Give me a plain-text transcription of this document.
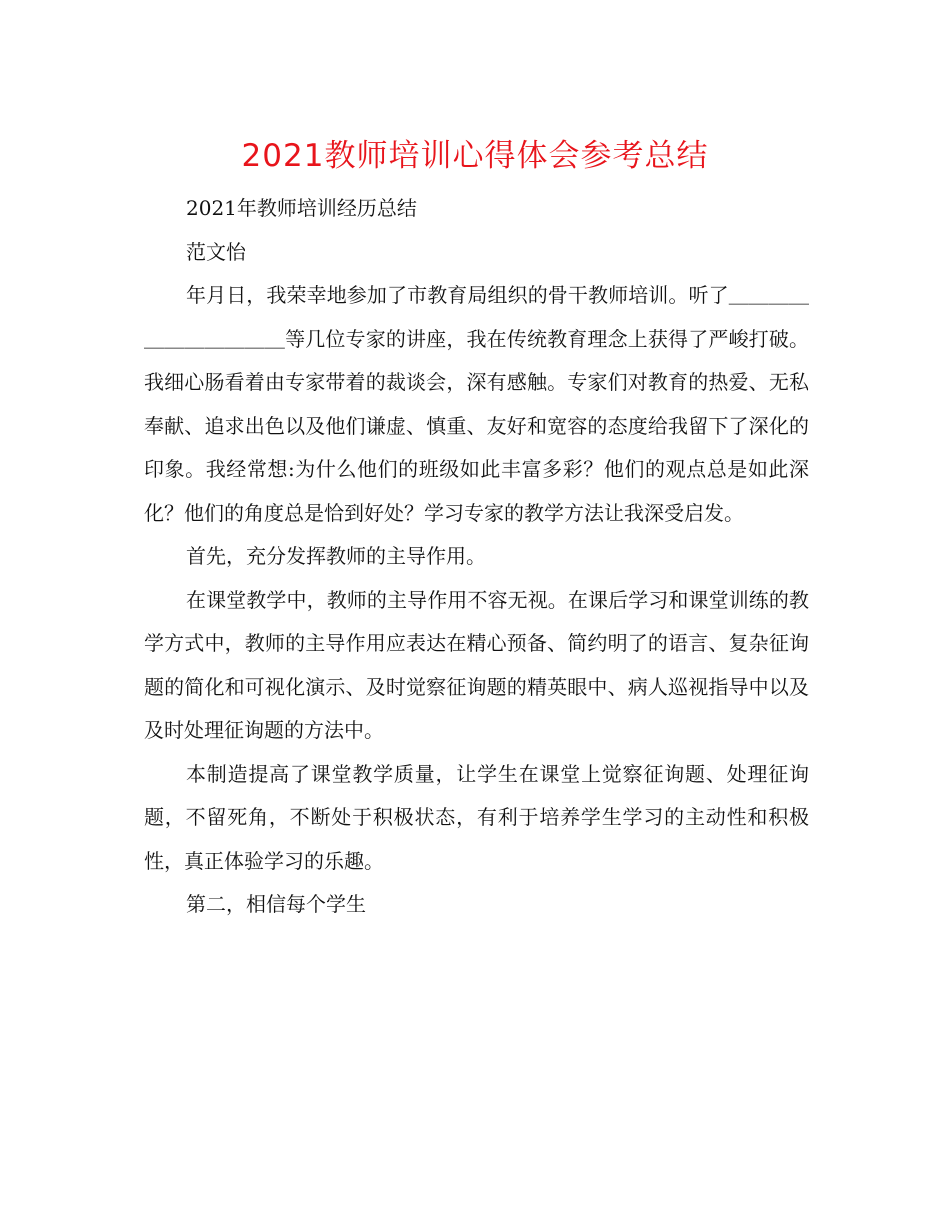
2021教师培训心得体会参考总结

2021年教师培训经历总结

范文怡

年月日，我荣幸地参加了市教育局组织的骨干教师培训。听了＿＿＿＿＿＿＿＿＿＿＿等几位专家的讲座，我在传统教育理念上获得了严峻打破。我细心肠看着由专家带着的裁谈会，深有感触。专家们对教育的热爱、无私奉献、追求出色以及他们谦虚、慎重、友好和宽容的态度给我留下了深化的印象。我经常想:为什么他们的班级如此丰富多彩？他们的观点总是如此深化？他们的角度总是恰到好处？学习专家的教学方法让我深受启发。

首先，充分发挥教师的主导作用。

在课堂教学中，教师的主导作用不容无视。在课后学习和课堂训练的教学方式中，教师的主导作用应表达在精心预备、简约明了的语言、复杂征询题的简化和可视化演示、及时觉察征询题的精英眼中、病人巡视指导中以及及时处理征询题的方法中。

本制造提高了课堂教学质量，让学生在课堂上觉察征询题、处理征询题，不留死角，不断处于积极状态，有利于培养学生学习的主动性和积极性，真正体验学习的乐趣。

第二，相信每个学生
